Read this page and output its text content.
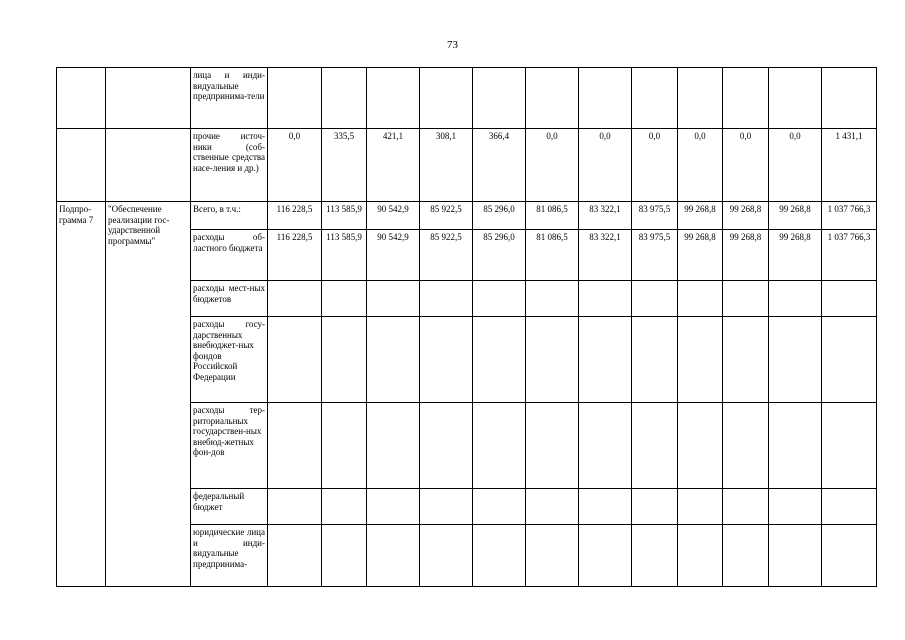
73
		лица и инди-видуальные предпринима-тели												
		прочие источ-ники (соб-ственные средства насе-ления и др.)	0,0	335,5	421,1	308,1	366,4	0,0	0,0	0,0	0,0	0,0	0,0	1 431,1
Подпро-грамма 7	"Обеспечение реализации гос-ударственной программы"	Всего, в т.ч.:	116 228,5	113 585,9	90 542,9	85 922,5	85 296,0	81 086,5	83 322,1	83 975,5	99 268,8	99 268,8	99 268,8	1 037 766,3
		расходы об-ластного бюджета	116 228,5	113 585,9	90 542,9	85 922,5	85 296,0	81 086,5	83 322,1	83 975,5	99 268,8	99 268,8	99 268,8	1 037 766,3
		расходы мест-ных бюджетов												
		расходы госу-дарственных внебюджет-ных фондов Российской Федерации												
		расходы тер-риториальных государствен-ных внебюд-жетных фон-дов												
		федеральный бюджет												
		юридические лица и инди-видуальные предпринима-												
